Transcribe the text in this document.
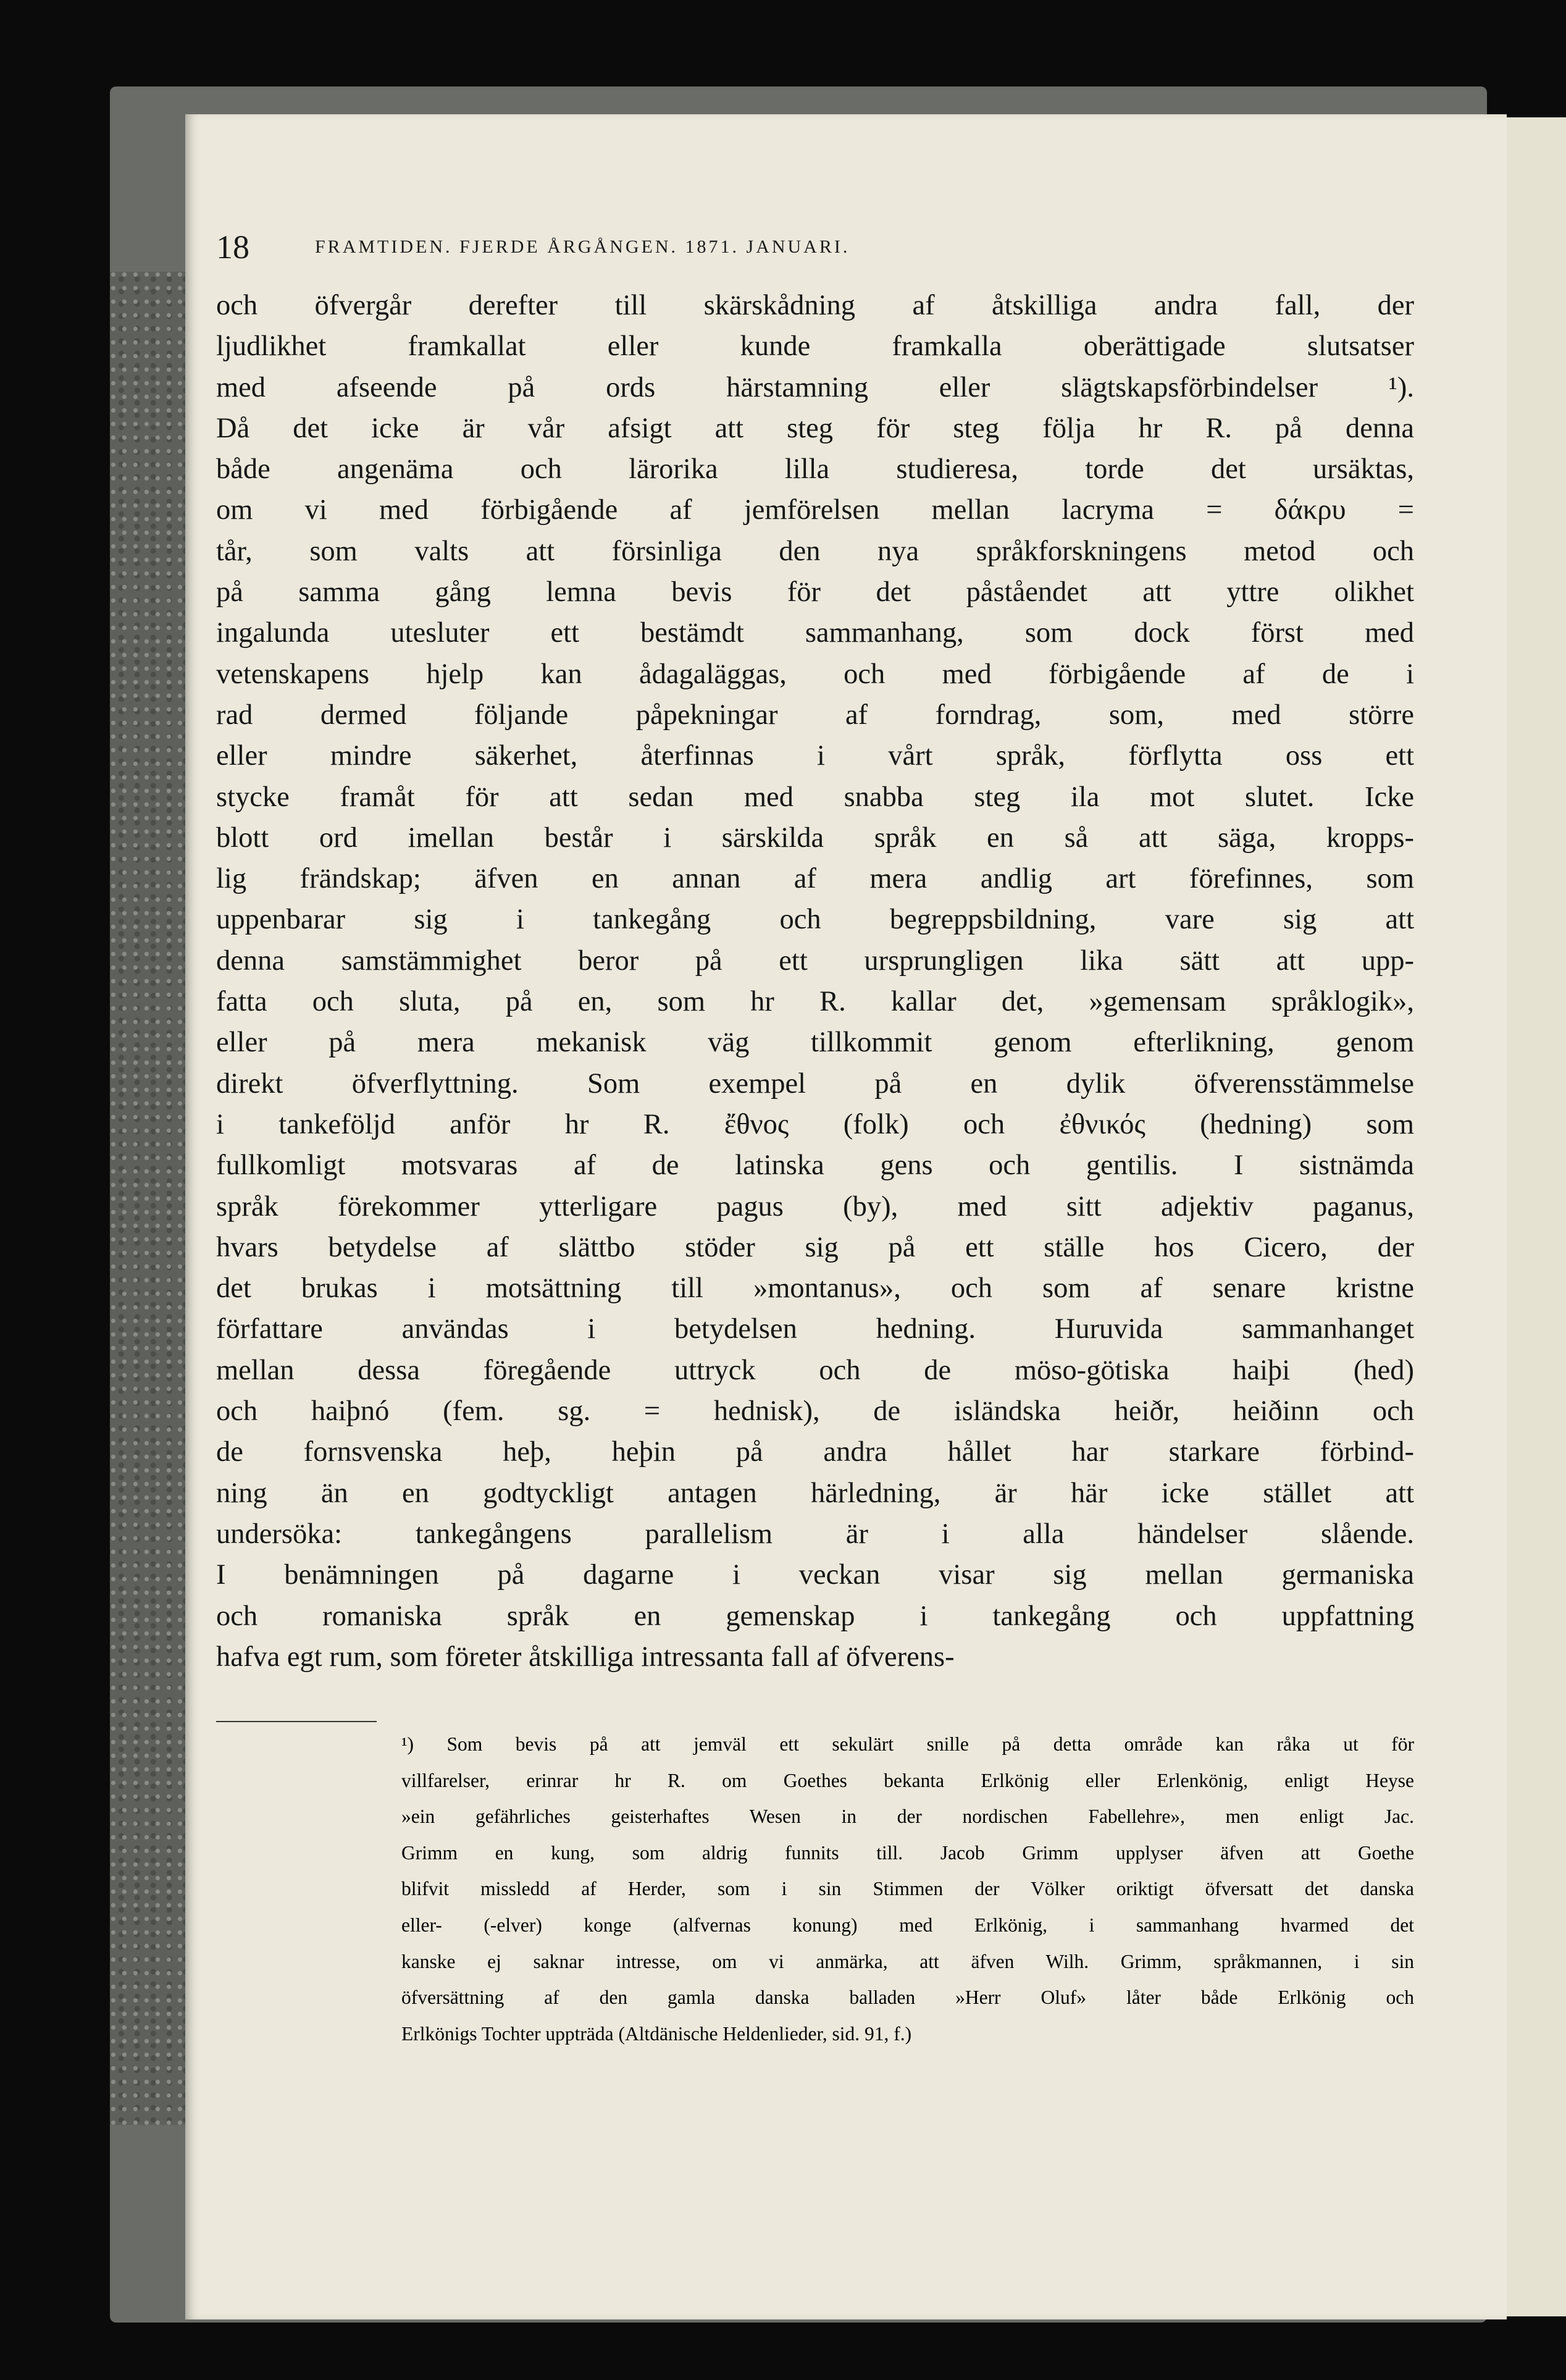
18	FRAMTIDEN. FJERDE ÅRGÅNGEN. 1871. JANUARI.
och öfvergår derefter till skärskådning af åtskilliga andra fall, der
ljudlikhet framkallat eller kunde framkalla oberättigade slutsatser
med afseende på ords härstamning eller slägtskapsförbindelser ¹).
Då det icke är vår afsigt att steg för steg följa hr R. på denna
både angenäma och lärorika lilla studieresa, torde det ursäktas,
om vi med förbigående af jemförelsen mellan lacryma = δάκρυ =
tår, som valts att försinliga den nya språkforskningens metod och
på samma gång lemna bevis för det påståendet att yttre olikhet
ingalunda utesluter ett bestämdt sammanhang, som dock först med
vetenskapens hjelp kan ådagaläggas, och med förbigående af de i
rad dermed följande påpekningar af forndrag, som, med större
eller mindre säkerhet, återfinnas i vårt språk, förflytta oss ett
stycke framåt för att sedan med snabba steg ila mot slutet. Icke
blott ord imellan består i särskilda språk en så att säga, kropps-
lig frändskap; äfven en annan af mera andlig art förefinnes, som
uppenbarar sig i tankegång och begreppsbildning, vare sig att
denna samstämmighet beror på ett ursprungligen lika sätt att upp-
fatta och sluta, på en, som hr R. kallar det, »gemensam språklogik»,
eller på mera mekanisk väg tillkommit genom efterlikning, genom
direkt öfverflyttning. Som exempel på en dylik öfverensstämmelse
i tankeföljd anför hr R. ἔθνος (folk) och ἐθνικός (hedning) som
fullkomligt motsvaras af de latinska gens och gentilis. I sistnämda
språk förekommer ytterligare pagus (by), med sitt adjektiv paganus,
hvars betydelse af slättbo stöder sig på ett ställe hos Cicero, der
det brukas i motsättning till »montanus», och som af senare kristne
författare användas i betydelsen hedning. Huruvida sammanhanget
mellan dessa föregående uttryck och de möso-götiska haiþi (hed)
och haiþnó (fem. sg. = hednisk), de isländska heiðr, heiðinn och
de fornsvenska heþ, heþin på andra hållet har starkare förbind-
ning än en godtyckligt antagen härledning, är här icke stället att
undersöka: tankegångens parallelism är i alla händelser slående.
I benämningen på dagarne i veckan visar sig mellan germaniska
och romaniska språk en gemenskap i tankegång och uppfattning
hafva egt rum, som företer åtskilliga intressanta fall af öfverens-
¹) Som bevis på att jemväl ett sekulärt snille på detta område kan råka ut för
villfarelser, erinrar hr R. om Goethes bekanta Erlkönig eller Erlenkönig, enligt Heyse
»ein gefährliches geisterhaftes Wesen in der nordischen Fabellehre», men enligt Jac.
Grimm en kung, som aldrig funnits till. Jacob Grimm upplyser äfven att Goethe
blifvit missledd af Herder, som i sin Stimmen der Völker oriktigt öfversatt det danska
eller- (-elver) konge (alfvernas konung) med Erlkönig, i sammanhang hvarmed det
kanske ej saknar intresse, om vi anmärka, att äfven Wilh. Grimm, språkmannen, i sin
öfversättning af den gamla danska balladen »Herr Oluf» låter både Erlkönig och
Erlkönigs Tochter uppträda (Altdänische Heldenlieder, sid. 91, f.)
